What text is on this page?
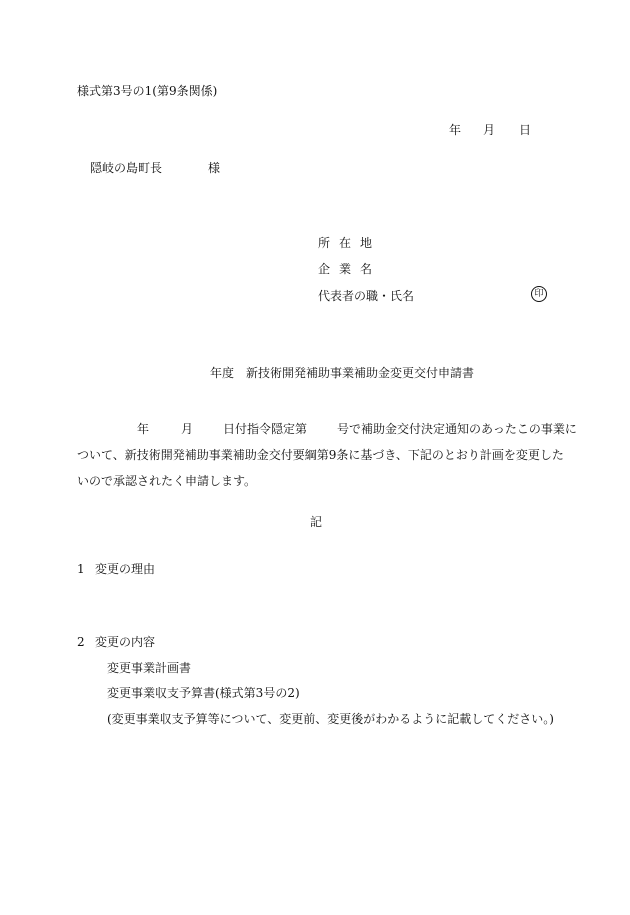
様式第3号の1(第9条関係)
年 月 日
隠岐の島町長	様
所在地
企業名
代表者の職・氏名	印
年度 新技術開発補助事業補助金変更交付申請書
年	月	日付指令隠定第	号で補助金交付決定通知のあったこの事業に
ついて、新技術開発補助事業補助金交付要綱第9条に基づき、下記のとおり計画を変更した
いので承認されたく申請します。
記
1 変更の理由
2 変更の内容
変更事業計画書
変更事業収支予算書(様式第3号の2)
(変更事業収支予算等について、変更前、変更後がわかるように記載してください。)
